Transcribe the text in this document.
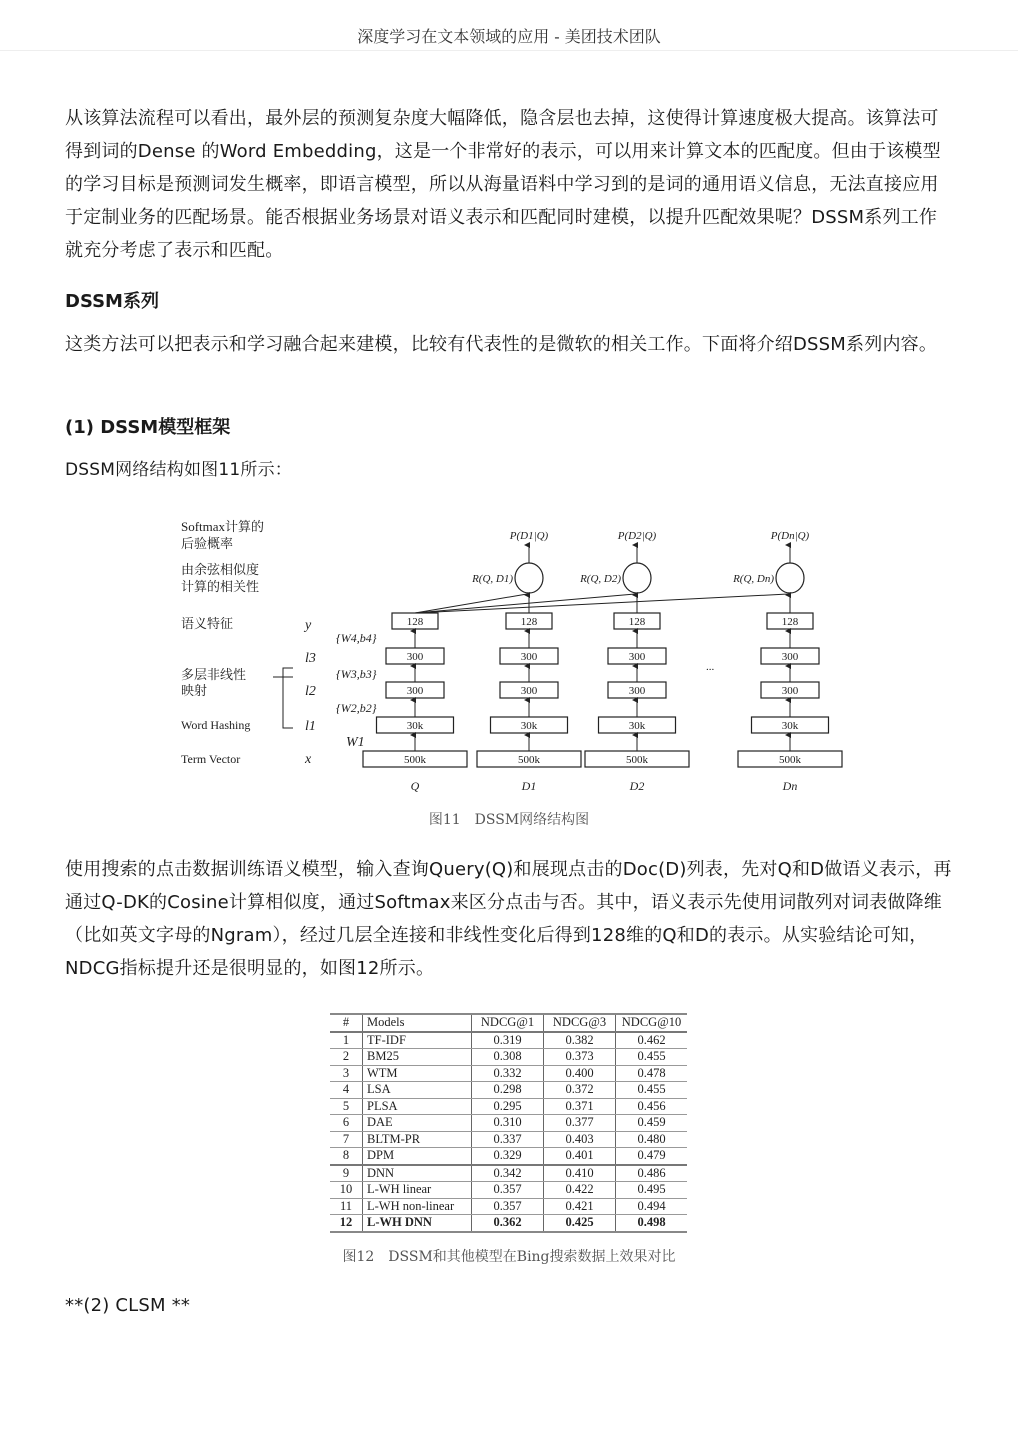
深度学习在文本领域的应用 - 美团技术团队
从该算法流程可以看出，最外层的预测复杂度大幅降低，隐含层也去掉，这使得计算速度极大提高。该算法可得到词的Dense 的Word Embedding，这是一个非常好的表示，可以用来计算文本的匹配度。但由于该模型的学习目标是预测词发生概率，即语言模型，所以从海量语料中学习到的是词的通用语义信息，无法直接应用于定制业务的匹配场景。能否根据业务场景对语义表示和匹配同时建模，以提升匹配效果呢？DSSM系列工作就充分考虑了表示和匹配。
DSSM系列
这类方法可以把表示和学习融合起来建模，比较有代表性的是微软的相关工作。下面将介绍DSSM系列内容。
(1) DSSM模型框架
DSSM网络结构如图11所示：
Softmax计算的
后验概率
由余弦相似度
计算的相关性
语义特征
多层非线性
映射
Word Hashing
Term Vector
y
l3
l2
l1
x
{W4,b4}
{W3,b3}
{W2,b2}
W1
128
300
300
30k
500k
Q
128
300
300
30k
500k
D1
R(Q, D1)
P(D1|Q)
128
300
300
30k
500k
D2
R(Q, D2)
P(D2|Q)
128
300
300
30k
500k
Dn
R(Q, Dn)
P(Dn|Q)
...
图11　DSSM网络结构图
使用搜索的点击数据训练语义模型，输入查询Query(Q)和展现点击的Doc(D)列表，先对Q和D做语义表示，再通过Q-DK的Cosine计算相似度，通过Softmax来区分点击与否。其中，语义表示先使用词散列对词表做降维（比如英文字母的Ngram），经过几层全连接和非线性变化后得到128维的Q和D的表示。从实验结论可知，NDCG指标提升还是很明显的，如图12所示。
#	Models	NDCG@1	NDCG@3	NDCG@10
1	TF-IDF	0.319	0.382	0.462
2	BM25	0.308	0.373	0.455
3	WTM	0.332	0.400	0.478
4	LSA	0.298	0.372	0.455
5	PLSA	0.295	0.371	0.456
6	DAE	0.310	0.377	0.459
7	BLTM-PR	0.337	0.403	0.480
8	DPM	0.329	0.401	0.479
9	DNN	0.342	0.410	0.486
10	L-WH linear	0.357	0.422	0.495
11	L-WH non-linear	0.357	0.421	0.494
12	L-WH DNN	0.362	0.425	0.498
图12　DSSM和其他模型在Bing搜索数据上效果对比
**(2) CLSM **
